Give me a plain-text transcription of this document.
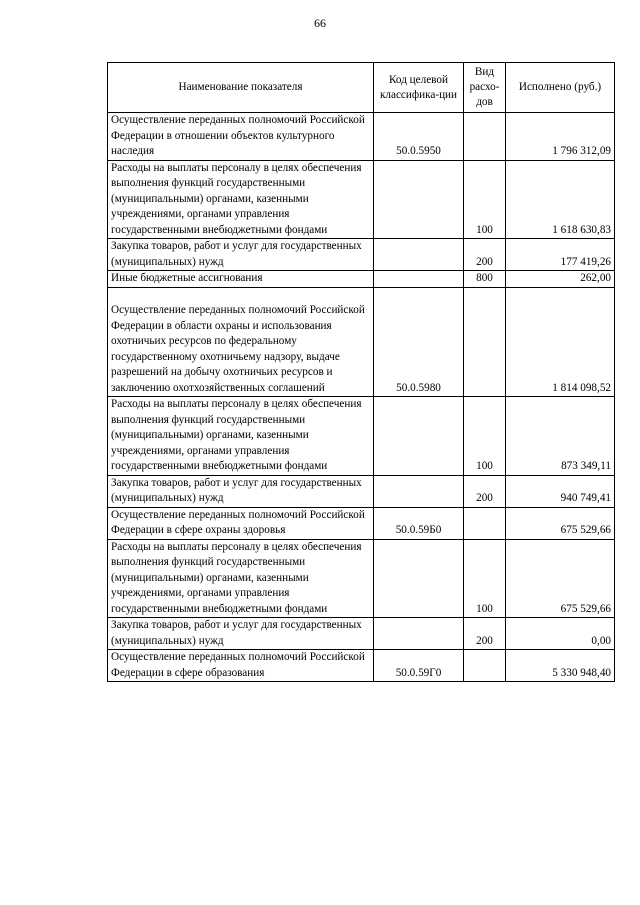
66
Наименование показателя	Код целевой классифика-ции	Вид расхо-дов	Исполнено (руб.)
Осуществление переданных полномочий Российской Федерации в отношении объектов культурного наследия	50.0.5950		1 796 312,09
Расходы на выплаты персоналу в целях обеспечения выполнения функций государственными (муниципальными) органами, казенными учреждениями, органами управления государственными внебюджетными фондами		100	1 618 630,83
Закупка товаров, работ и услуг для государственных (муниципальных) нужд		200	177 419,26
Иные бюджетные ассигнования		800	262,00

Осуществление переданных полномочий Российской Федерации в области охраны и использования охотничьих ресурсов по федеральному государственному охотничьему надзору, выдаче разрешений на добычу охотничьих ресурсов и заключению охотхозяйственных соглашений	50.0.5980		1 814 098,52
Расходы на выплаты персоналу в целях обеспечения выполнения функций государственными (муниципальными) органами, казенными учреждениями, органами управления государственными внебюджетными фондами		100	873 349,11
Закупка товаров, работ и услуг для государственных (муниципальных) нужд		200	940 749,41
Осуществление переданных полномочий Российской Федерации в сфере охраны здоровья	50.0.59Б0		675 529,66
Расходы на выплаты персоналу в целях обеспечения выполнения функций государственными (муниципальными) органами, казенными учреждениями, органами управления государственными внебюджетными фондами		100	675 529,66
Закупка товаров, работ и услуг для государственных (муниципальных) нужд		200	0,00
Осуществление переданных полномочий Российской Федерации в сфере образования	50.0.59Г0		5 330 948,40
